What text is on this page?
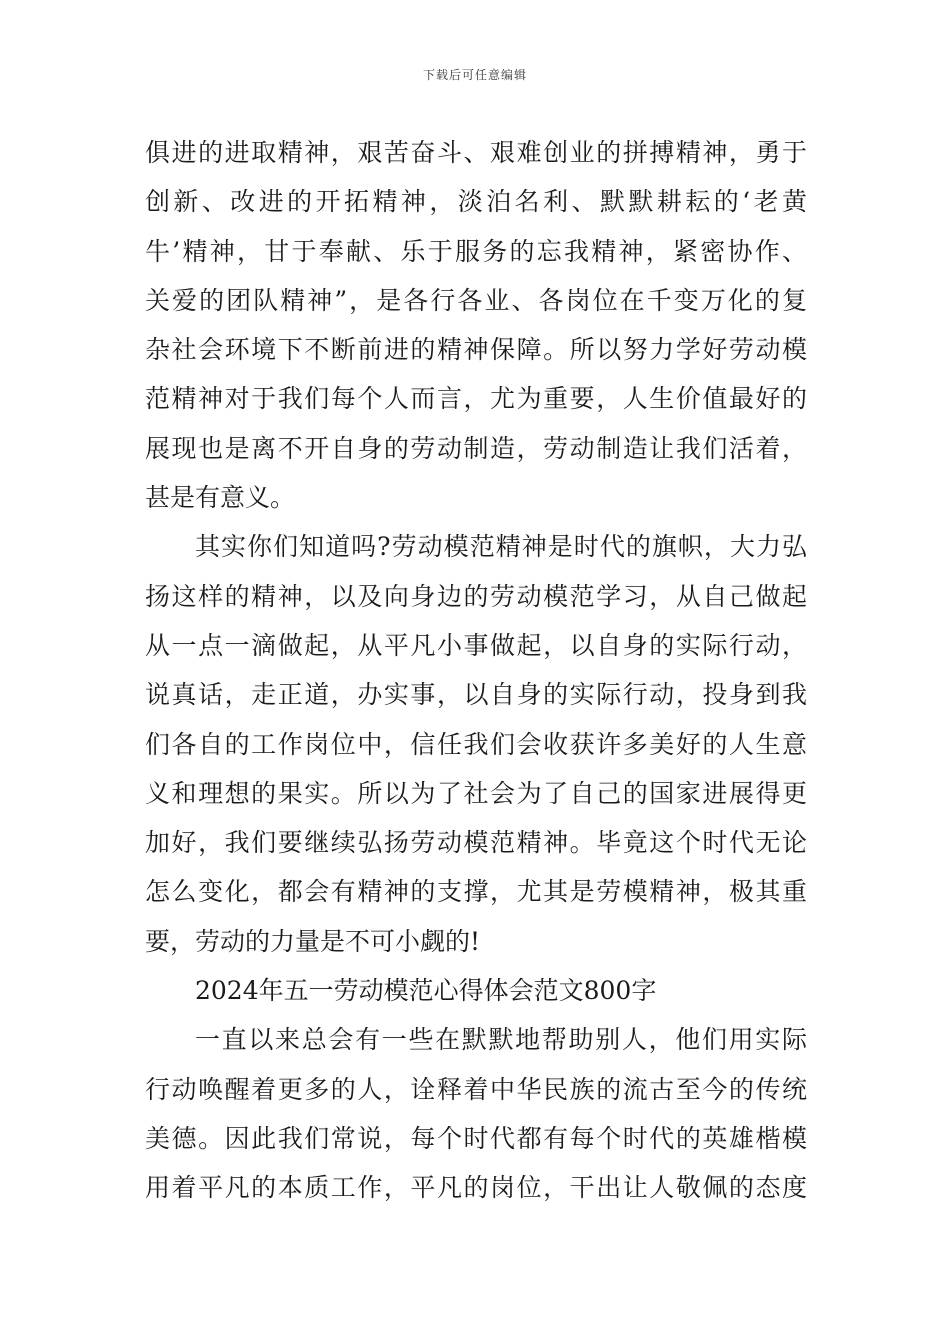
下载后可任意编辑
俱进的进取精神，艰苦奋斗、艰难创业的拼搏精神，勇于
创新、改进的开拓精神，淡泊名利、默默耕耘的‘老黄
牛’精神，甘于奉献、乐于服务的忘我精神，紧密协作、
关爱的团队精神”，是各行各业、各岗位在千变万化的复
杂社会环境下不断前进的精神保障。所以努力学好劳动模
范精神对于我们每个人而言，尤为重要，人生价值最好的
展现也是离不开自身的劳动制造，劳动制造让我们活着，
甚是有意义。
其实你们知道吗?劳动模范精神是时代的旗帜，大力弘
扬这样的精神，以及向身边的劳动模范学习，从自己做起
从一点一滴做起，从平凡小事做起，以自身的实际行动，
说真话，走正道，办实事，以自身的实际行动，投身到我
们各自的工作岗位中，信任我们会收获许多美好的人生意
义和理想的果实。所以为了社会为了自己的国家进展得更
加好，我们要继续弘扬劳动模范精神。毕竟这个时代无论
怎么变化，都会有精神的支撑，尤其是劳模精神，极其重
要，劳动的力量是不可小觑的!
2024年五一劳动模范心得体会范文800字
一直以来总会有一些在默默地帮助别人，他们用实际
行动唤醒着更多的人，诠释着中华民族的流古至今的传统
美德。因此我们常说，每个时代都有每个时代的英雄楷模
用着平凡的本质工作，平凡的岗位，干出让人敬佩的态度
